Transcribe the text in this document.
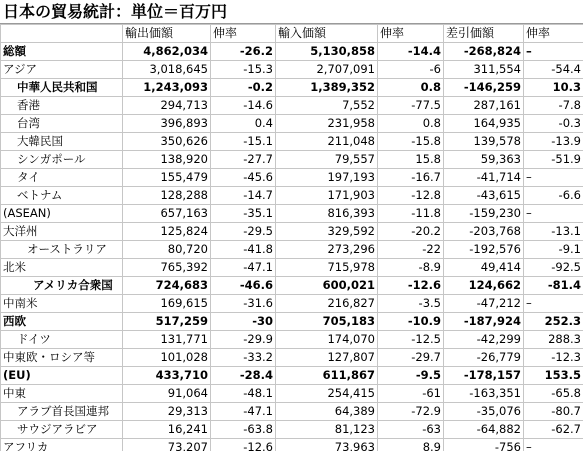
日本の貿易統計：単位＝百万円
	輸出価額	伸率	輸入価額	伸率	差引価額	伸率
総額	4,862,034	-26.2	5,130,858	-14.4	-268,824	–
アジア	3,018,645	-15.3	2,707,091	-6	311,554	-54.4
中華人民共和国	1,243,093	-0.2	1,389,352	0.8	-146,259	10.3
香港	294,713	-14.6	7,552	-77.5	287,161	-7.8
台湾	396,893	0.4	231,958	0.8	164,935	-0.3
大韓民国	350,626	-15.1	211,048	-15.8	139,578	-13.9
シンガポール	138,920	-27.7	79,557	15.8	59,363	-51.9
タイ	155,479	-45.6	197,193	-16.7	-41,714	–
ベトナム	128,288	-14.7	171,903	-12.8	-43,615	-6.6
(ASEAN)	657,163	-35.1	816,393	-11.8	-159,230	–
大洋州	125,824	-29.5	329,592	-20.2	-203,768	-13.1
オーストラリア	80,720	-41.8	273,296	-22	-192,576	-9.1
北米	765,392	-47.1	715,978	-8.9	49,414	-92.5
アメリカ合衆国	724,683	-46.6	600,021	-12.6	124,662	-81.4
中南米	169,615	-31.6	216,827	-3.5	-47,212	–
西欧	517,259	-30	705,183	-10.9	-187,924	252.3
ドイツ	131,771	-29.9	174,070	-12.5	-42,299	288.3
中東欧・ロシア等	101,028	-33.2	127,807	-29.7	-26,779	-12.3
(EU)	433,710	-28.4	611,867	-9.5	-178,157	153.5
中東	91,064	-48.1	254,415	-61	-163,351	-65.8
アラブ首長国連邦	29,313	-47.1	64,389	-72.9	-35,076	-80.7
サウジアラビア	16,241	-63.8	81,123	-63	-64,882	-62.7
アフリカ	73,207	-12.6	73,963	8.9	-756	–
